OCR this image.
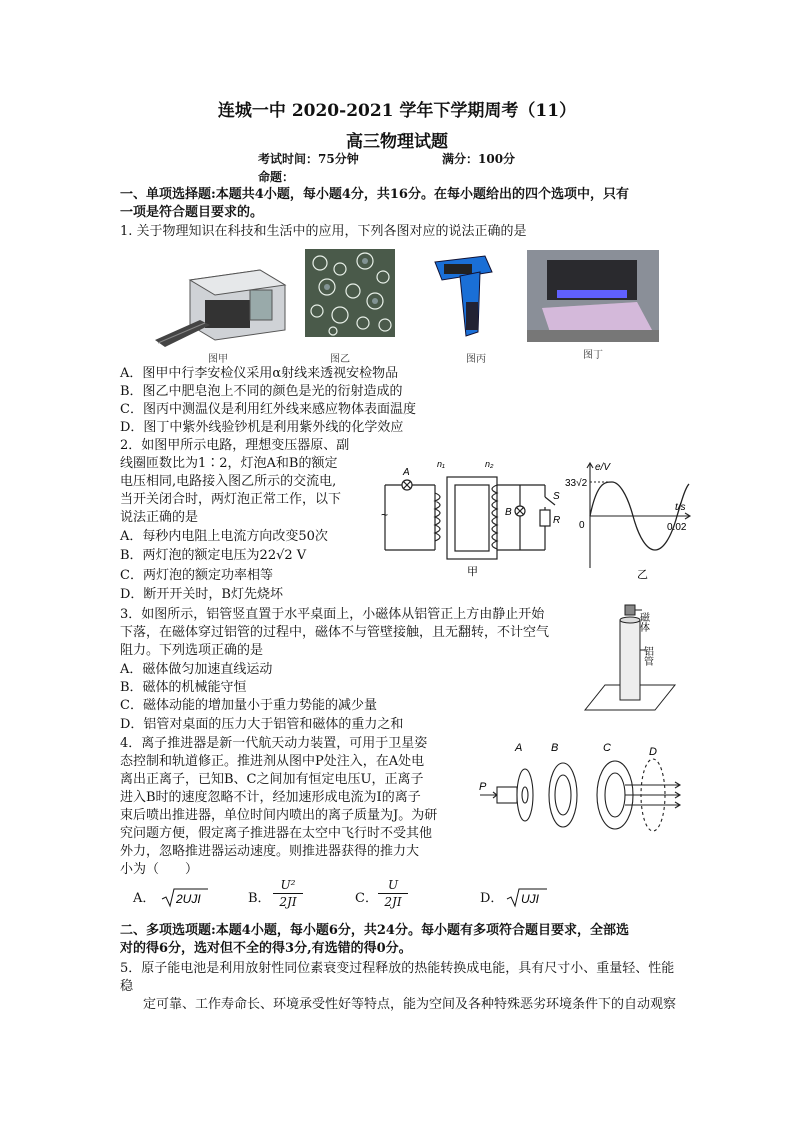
连城一中 2020-2021 学年下学期周考（11）
高三物理试题
考试时间：75分钟	满分：100分
命题：
一、单项选择题:本题共4小题，每小题4分，共16分。在每小题给出的四个选项中，只有
一项是符合题目要求的。
1. 关于物理知识在科技和生活中的应用，下列各图对应的说法正确的是
图甲	图乙	图丙	图丁
A．图甲中行李安检仪采用α射线来透视安检物品
B．图乙中肥皂泡上不同的颜色是光的衍射造成的
C．图丙中测温仪是利用红外线来感应物体表面温度
D．图丁中紫外线验钞机是利用紫外线的化学效应
2．如图甲所示电路，理想变压器原、副
线圈匝数比为1∶2，灯泡A和B的额定
电压相同,电路接入图乙所示的交流电,
当开关闭合时，两灯泡正常工作，以下
说法正确的是
A．每秒内电阻上电流方向改变50次
B．两灯泡的额定电压为22√2 V
C．两灯泡的额定功率相等
D．断开开关时，B灯先烧坏
~
A
n₁	n₂
B
S
R
甲
e/V
33√2
0
t/s
0.02
乙
3．如图所示，铝管竖直置于水平桌面上，小磁体从铝管正上方由静止开始
下落，在磁体穿过铝管的过程中，磁体不与管壁接触，且无翻转，不计空气
阻力。下列选项正确的是
A．磁体做匀加速直线运动
B．磁体的机械能守恒
C．磁体动能的增加量小于重力势能的减少量
D．铝管对桌面的压力大于铝管和磁体的重力之和
磁体
铝管
4．离子推进器是新一代航天动力装置，可用于卫星姿
态控制和轨道修正。推进剂从图中P处注入，在A处电
离出正离子，已知B、C之间加有恒定电压U，正离子
进入B时的速度忽略不计，经加速形成电流为I的离子
束后喷出推进器，单位时间内喷出的离子质量为J。为研
究问题方便，假定离子推进器在太空中飞行时不受其他
外力，忽略推进器运动速度。则推进器获得的推力大
小为（　　）
P
A	B	C	D
A． 2UJI	B． $\frac{\text{U²}}{2JI}$	C． $\frac{U}{2JI}$	D． UJI
二、多项选项题:本题4小题，每小题6分，共24分。每小题有多项符合题目要求，全部选
对的得6分，选对但不全的得3分,有选错的得0分。
5．原子能电池是利用放射性同位素衰变过程释放的热能转换成电能，具有尺寸小、重量轻、性能
稳
定可靠、工作寿命长、环境承受性好等特点，能为空间及各种特殊恶劣环境条件下的自动观察
